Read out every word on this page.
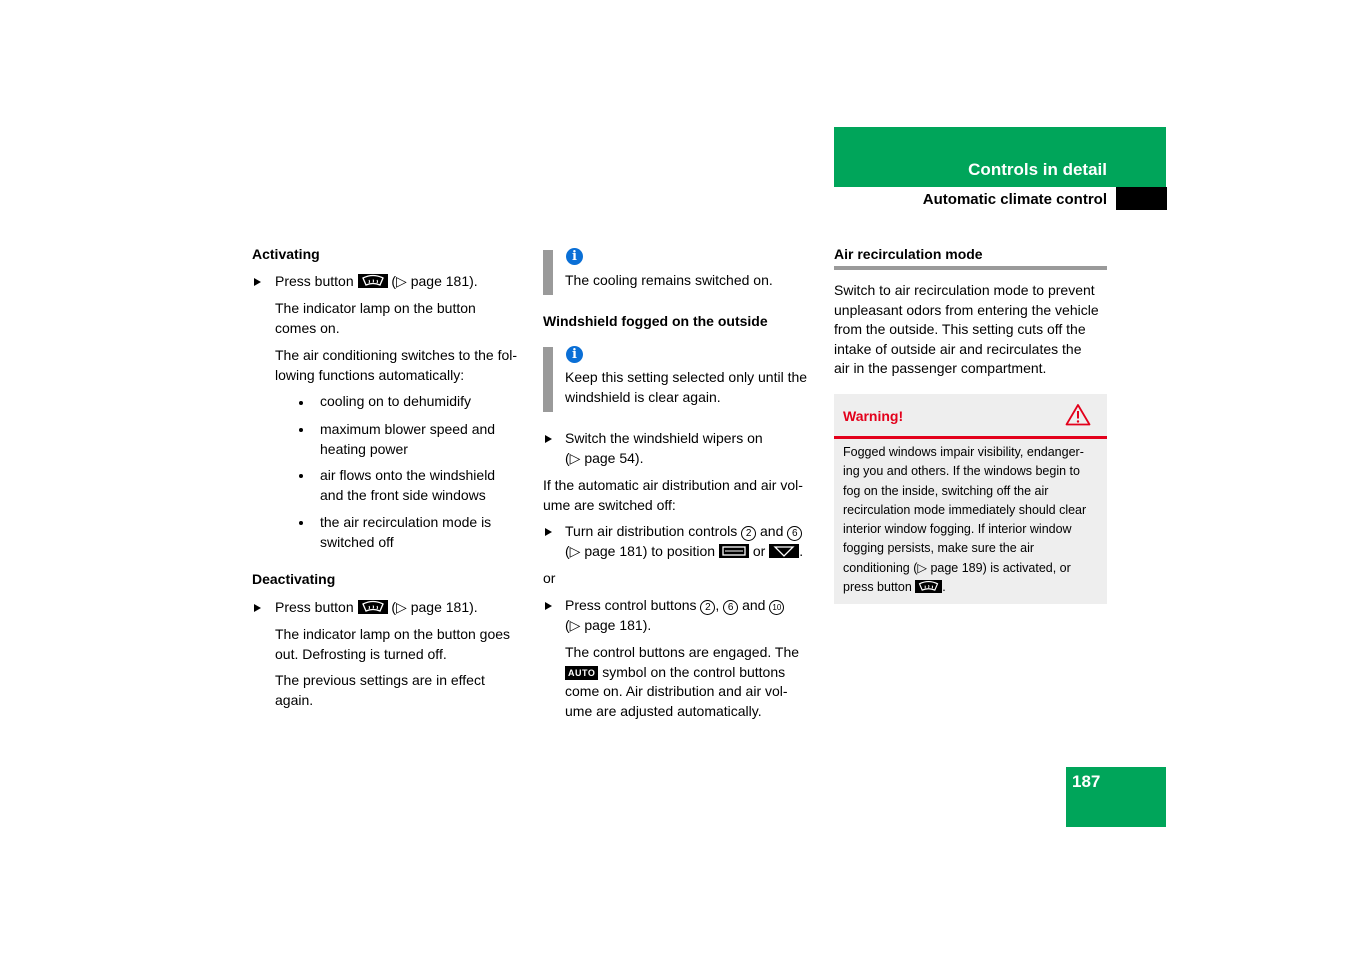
Controls in detail
Automatic climate control
Activating
Press button	(▷ page 181).
The indicator lamp on the button
comes on.
The air conditioning switches to the fol-
lowing functions automatically:
cooling on to dehumidify
maximum blower speed and
heating power
air flows onto the windshield
and the front side windows
the air recirculation mode is
switched off
Deactivating
Press button	(▷ page 181).
The indicator lamp on the button goes
out. Defrosting is turned off.
The previous settings are in effect
again.
i
The cooling remains switched on.
Windshield fogged on the outside
i
Keep this setting selected only until the
windshield is clear again.
Switch the windshield wipers on
(▷ page 54).
If the automatic air distribution and air vol-
ume are switched off:
Turn air distribution controls 2 and 6
(▷ page 181) to position	or .
or
Press control buttons 2 , 6 and 10
(▷ page 181).
The control buttons are engaged. The
AUTO symbol on the control buttons
come on. Air distribution and air vol-
ume are adjusted automatically.
Air recirculation mode
Switch to air recirculation mode to prevent
unpleasant odors from entering the vehicle
from the outside. This setting cuts off the
intake of outside air and recirculates the
air in the passenger compartment.
Warning!
Fogged windows impair visibility, endanger-
ing you and others. If the windows begin to
fog on the inside, switching off the air
recirculation mode immediately should clear
interior window fogging. If interior window
fogging persists, make sure the air
conditioning (▷ page 189) is activated, or
press button .
187
